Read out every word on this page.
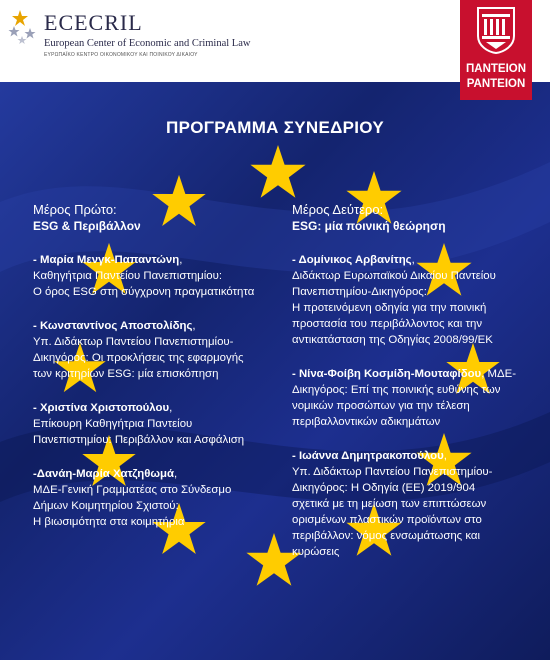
ECECRIL
European Center of Economic and Criminal Law
ΕΥΡΩΠΑΪΚΟ ΚΕΝΤΡΟ ΟΙΚΟΝΟΜΙΚΟΥ ΚΑΙ ΠΟΙΝΙΚΟΥ ΔΙΚΑΙΟΥ
ΠΑΝΤΕΙΟΝ
PANTEION
ΠΡΟΓΡΑΜΜΑ ΣΥΝΕΔΡΙΟΥ
Μέρος Πρώτο:
ESG & Περιβάλλον
- Μαρία Μενγκ-Παπαντώνη,
Καθηγήτρια Παντείου Πανεπιστημίου:
Ο όρος ESG στη σύγχρονη πραγματικότητα
- Κωνσταντίνος Αποστολίδης,
Υπ. Διδάκτωρ Παντείου Πανεπιστημίου-
Δικηγόρος: Οι προκλήσεις της εφαρμογής
των κριτηρίων ESG: μία επισκόπηση
- Χριστίνα Χριστοπούλου,
Επίκουρη Καθηγήτρια Παντείου
Πανεπιστημίου: Περιβάλλον και Ασφάλιση
-Δανάη-Μαρία Χατζηθωμά,
ΜΔΕ-Γενική Γραμματέας στο Σύνδεσμο
Δήμων Κοιμητηρίου Σχιστού:
Η βιωσιμότητα στα κοιμητήρια
Μέρος Δεύτερο:
ESG: μία ποινική θεώρηση
- Δομίνικος Αρβανίτης,
Διδάκτωρ Ευρωπαϊκού Δικαίου Παντείου
Πανεπιστημίου-Δικηγόρος:
Η προτεινόμενη οδηγία για την ποινική
προστασία του περιβάλλοντος και την
αντικατάσταση της Οδηγίας 2008/99/ΕΚ
- Νίνα-Φοίβη Κοσμίδη-Μουταφίδου, ΜΔΕ-
Δικηγόρος: Επί της ποινικής ευθύνης των
νομικών προσώπων για την τέλεση
περιβαλλοντικών αδικημάτων
- Ιωάννα Δημητρακοπούλου,
Υπ. Διδάκτωρ Παντείου Πανεπιστημίου-
Δικηγόρος: Η Οδηγία (ΕΕ) 2019/904
σχετικά με τη μείωση των επιπτώσεων
ορισμένων πλαστικών προϊόντων στο
περιβάλλον: νόμος ενσωμάτωσης και
κυρώσεις
